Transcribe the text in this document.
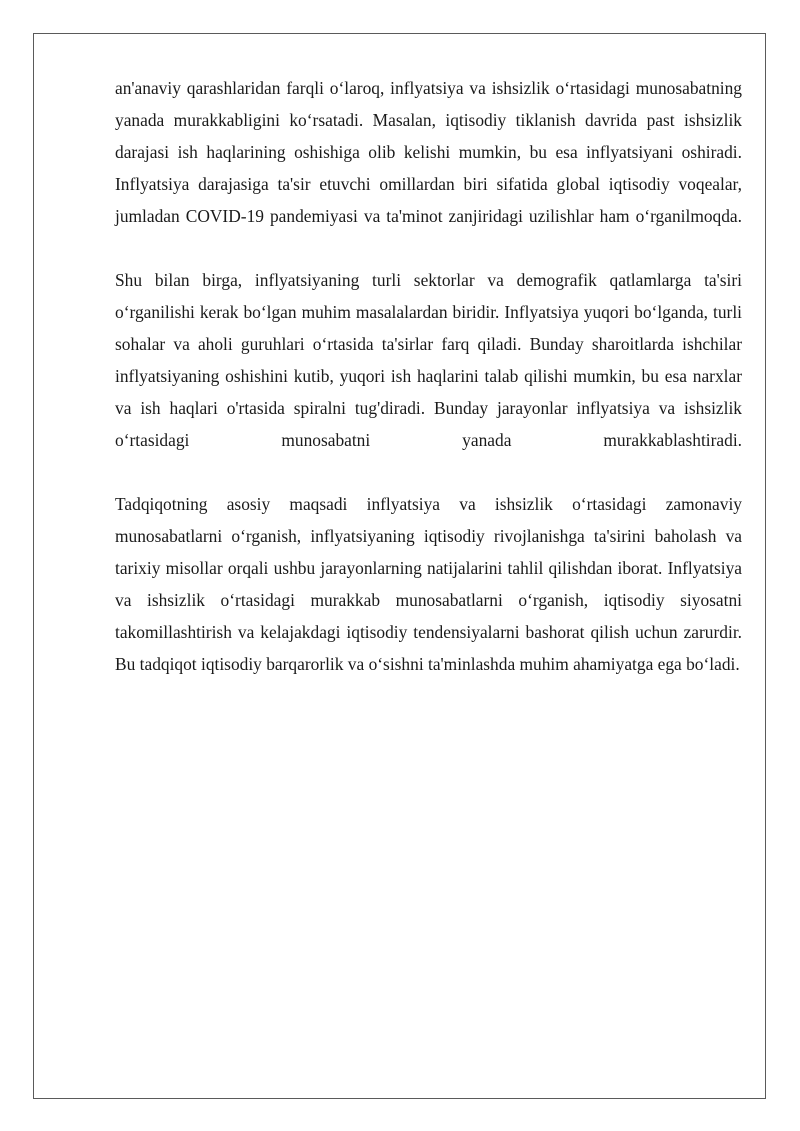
an'anaviy qarashlaridan farqli o‘laroq, inflyatsiya va ishsizlik o‘rtasidagi munosabatning yanada murakkabligini ko‘rsatadi. Masalan, iqtisodiy tiklanish davrida past ishsizlik darajasi ish haqlarining oshishiga olib kelishi mumkin, bu esa inflyatsiyani oshiradi. Inflyatsiya darajasiga ta'sir etuvchi omillardan biri sifatida global iqtisodiy voqealar, jumladan COVID-19 pandemiyasi va ta'minot zanjiridagi uzilishlar ham o‘rganilmoqda.

Shu bilan birga, inflyatsiyaning turli sektorlar va demografik qatlamlarga ta'siri o‘rganilishi kerak bo‘lgan muhim masalalardan biridir. Inflyatsiya yuqori bo‘lganda, turli sohalar va aholi guruhlari o‘rtasida ta'sirlar farq qiladi. Bunday sharoitlarda ishchilar inflyatsiyaning oshishini kutib, yuqori ish haqlarini talab qilishi mumkin, bu esa narxlar va ish haqlari o'rtasida spiralni tug'diradi. Bunday jarayonlar inflyatsiya va ishsizlik o‘rtasidagi munosabatni yanada murakkablashtiradi.

Tadqiqotning asosiy maqsadi inflyatsiya va ishsizlik o‘rtasidagi zamonaviy munosabatlarni o‘rganish, inflyatsiyaning iqtisodiy rivojlanishga ta'sirini baholash va tarixiy misollar orqali ushbu jarayonlarning natijalarini tahlil qilishdan iborat. Inflyatsiya va ishsizlik o‘rtasidagi murakkab munosabatlarni o‘rganish, iqtisodiy siyosatni takomillashtirish va kelajakdagi iqtisodiy tendensiyalarni bashorat qilish uchun zarurdir. Bu tadqiqot iqtisodiy barqarorlik va o‘sishni ta'minlashda muhim ahamiyatga ega bo‘ladi.
